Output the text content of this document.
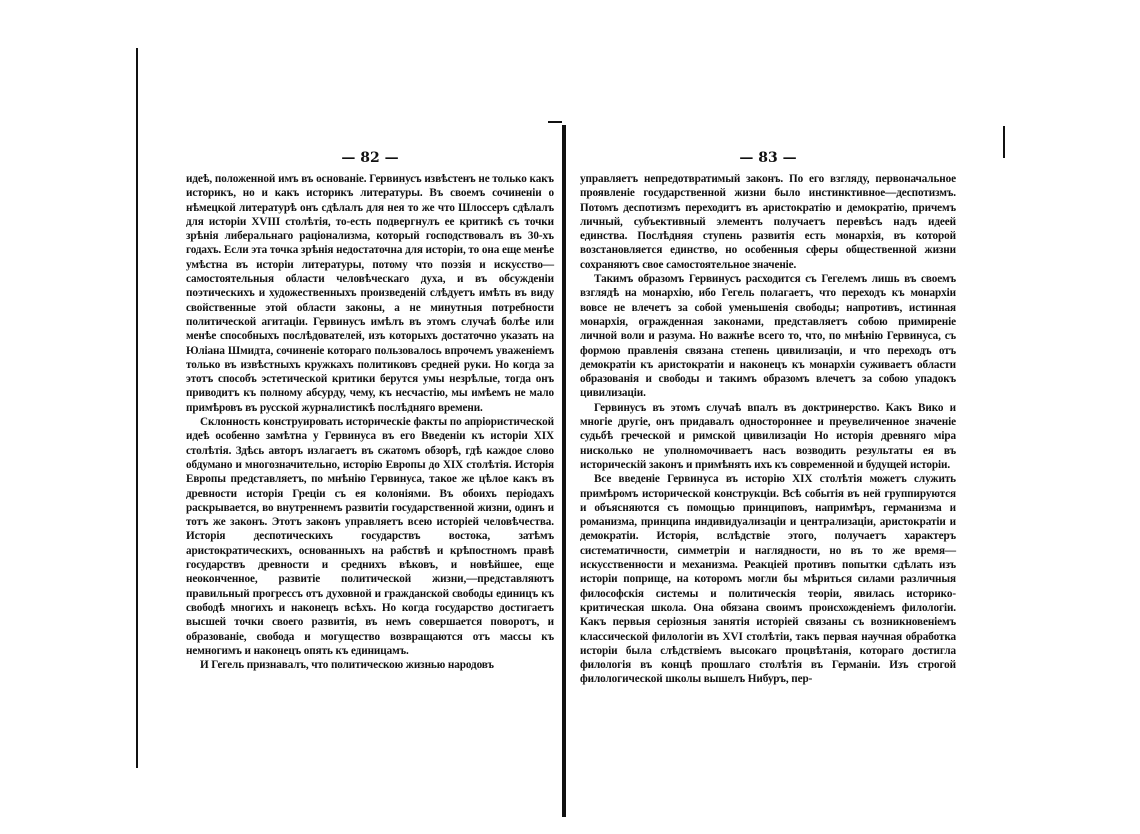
— 82 —

идеѣ, положенной имъ въ основаніе. Гервинусъ извѣстенъ не только какъ историкъ, но и какъ историкъ литературы. Въ своемъ сочиненіи о нѣмецкой литературѣ онъ сдѣлалъ для нея то же что Шлоссеръ сдѣлалъ для исторіи XVIII столѣтія, то-есть подвергнулъ ее критикѣ съ точки зрѣнія либеральнаго раціонализма, который господствовалъ въ 30-хъ годахъ. Если эта точка зрѣнія недостаточна для исторіи, то она еще менѣе умѣстна въ исторіи литературы, потому что поэзія и искусство—самостоятельныя области человѣческаго духа, и въ обсужденіи поэтическихъ и художественныхъ произведеній слѣдуетъ имѣть въ виду свойственные этой области законы, а не минутныя потребности политической агитаціи. Гервинусъ имѣлъ въ этомъ случаѣ болѣе или менѣе способныхъ послѣдователей, изъ которыхъ достаточно указать на Юліана Шмидта, сочиненіе котораго пользовалось впрочемъ уваженіемъ только въ извѣстныхъ кружкахъ политиковъ средней руки. Но когда за этотъ способъ эстетической критики берутся умы незрѣлые, тогда онъ приводитъ къ полному абсурду, чему, къ несчастію, мы имѣемъ не мало примѣровъ въ русской журналистикѣ послѣдняго времени.

Склонность конструировать историческіе факты по апріористической идеѣ особенно замѣтна у Гервинуса въ его Введеніи къ исторіи XIX столѣтія. Здѣсь авторъ излагаетъ въ сжатомъ обзорѣ, гдѣ каждое слово обдумано и многозначительно, исторію Европы до XIX столѣтія. Исторія Европы представляетъ, по мнѣнію Гервинуса, такое же цѣлое какъ въ древности исторія Греціи съ ея колоніями. Въ обоихъ періодахъ раскрывается, во внутреннемъ развитіи государственной жизни, одинъ и тотъ же законъ. Этотъ законъ управляетъ всею исторіей человѣчества. Исторія деспотическихъ государствъ востока, затѣмъ аристократическихъ, основанныхъ на рабствѣ и крѣпостномъ правѣ государствъ древности и среднихъ вѣковъ, и новѣйшее, еще неоконченное, развитіе политической жизни,—представляютъ правильный прогрессъ отъ духовной и гражданской свободы единицъ къ свободѣ многихъ и наконецъ всѣхъ. Но когда государство достигаетъ высшей точки своего развитія, въ немъ совершается поворотъ, и образованіе, свобода и могущество возвращаются отъ массы къ немногимъ и наконецъ опять къ единицамъ.

И Гегель признавалъ, что политическою жизнью народовъ

— 83 —

управляетъ непредотвратимый законъ. По его взгляду, первоначальное проявленіе государственной жизни было инстинктивное—деспотизмъ. Потомъ деспотизмъ переходитъ въ аристократію и демократію, причемъ личный, субъективный элементъ получаетъ перевѣсъ надъ идеей единства. Послѣдняя ступень развитія есть монархія, въ которой возстановляется единство, но особенныя сферы общественной жизни сохраняютъ свое самостоятельное значеніе.

Такимъ образомъ Гервинусъ расходится съ Гегелемъ лишь въ своемъ взглядѣ на монархію, ибо Гегель полагаетъ, что переходъ къ монархіи вовсе не влечетъ за собой уменьшенія свободы; напротивъ, истинная монархія, огражденная законами, представляетъ собою примиреніе личной воли и разума. Но важнѣе всего то, что, по мнѣнію Гервинуса, съ формою правленія связана степень цивилизаціи, и что переходъ отъ демократіи къ аристократіи и наконецъ къ монархіи суживаетъ области образованія и свободы и такимъ образомъ влечетъ за собою упадокъ цивилизаціи.

Гервинусъ въ этомъ случаѣ впалъ въ доктринерство. Какъ Вико и многіе другіе, онъ придавалъ одностороннее и преувеличенное значеніе судьбѣ греческой и римской цивилизаціи Но исторія древняго міра нисколько не уполномочиваетъ насъ возводить результаты ея въ историческій законъ и примѣнять ихъ къ современной и будущей исторіи.

Все введеніе Гервинуса въ исторію XIX столѣтія можетъ служить примѣромъ исторической конструкціи. Всѣ событія въ ней группируются и объясняются съ помощью принциповъ, напримѣръ, германизма и романизма, принципа индивидуализаціи и централизаціи, аристократіи и демократіи. Исторія, вслѣдствіе этого, получаетъ характеръ систематичности, симметріи и наглядности, но въ то же время—искусственности и механизма. Реакціей противъ попытки сдѣлать изъ исторіи поприще, на которомъ могли бы мѣриться силами различныя философскія системы и политическія теоріи, явилась историко-критическая школа. Она обязана своимъ происхожденіемъ филологіи. Какъ первыя серіозныя занятія исторіей связаны съ возникновеніемъ классической филологіи въ XVI столѣтіи, такъ первая научная обработка исторіи была слѣдствіемъ высокаго процвѣтанія, котораго достигла филологія въ концѣ прошлаго столѣтія въ Германіи. Изъ строгой филологической школы вышелъ Нибуръ, пер-
